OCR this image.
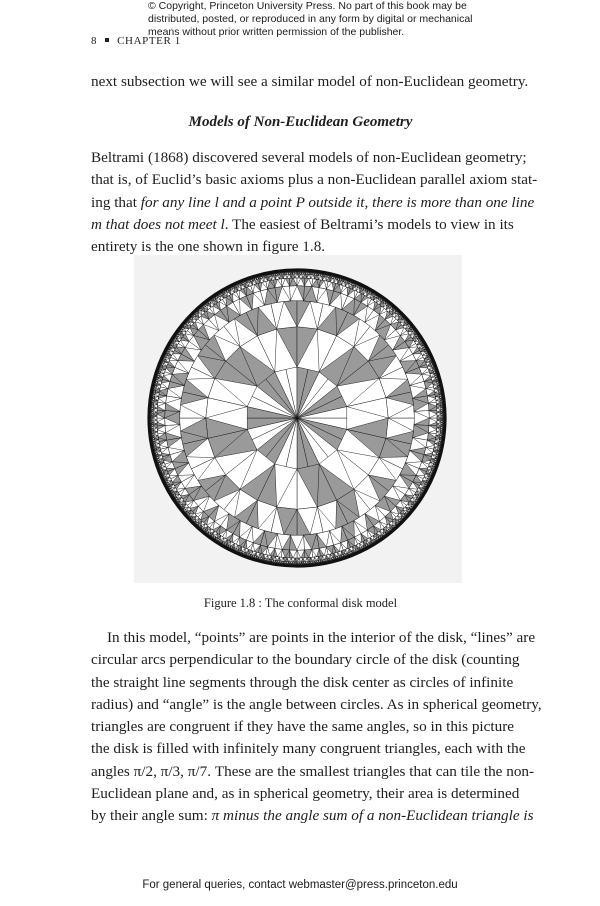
© Copyright, Princeton University Press. No part of this book may be
distributed, posted, or reproduced in any form by digital or mechanical
means without prior written permission of the publisher.
8 CHAPTER 1
next subsection we will see a similar model of non-Euclidean geometry.
Models of Non-Euclidean Geometry
Beltrami (1868) discovered several models of non-Euclidean geometry;
that is, of Euclid’s basic axioms plus a non-Euclidean parallel axiom stat-
ing that for any line l and a point P outside it, there is more than one line
m that does not meet l. The easiest of Beltrami’s models to view in its
entirety is the one shown in figure 1.8.
Figure 1.8 : The conformal disk model
In this model, “points” are points in the interior of the disk, “lines” are
circular arcs perpendicular to the boundary circle of the disk (counting
the straight line segments through the disk center as circles of infinite
radius) and “angle” is the angle between circles. As in spherical geometry,
triangles are congruent if they have the same angles, so in this picture
the disk is filled with infinitely many congruent triangles, each with the
angles π/2, π/3, π/7. These are the smallest triangles that can tile the non-
Euclidean plane and, as in spherical geometry, their area is determined
by their angle sum: π minus the angle sum of a non-Euclidean triangle is
For general queries, contact webmaster@press.princeton.edu
